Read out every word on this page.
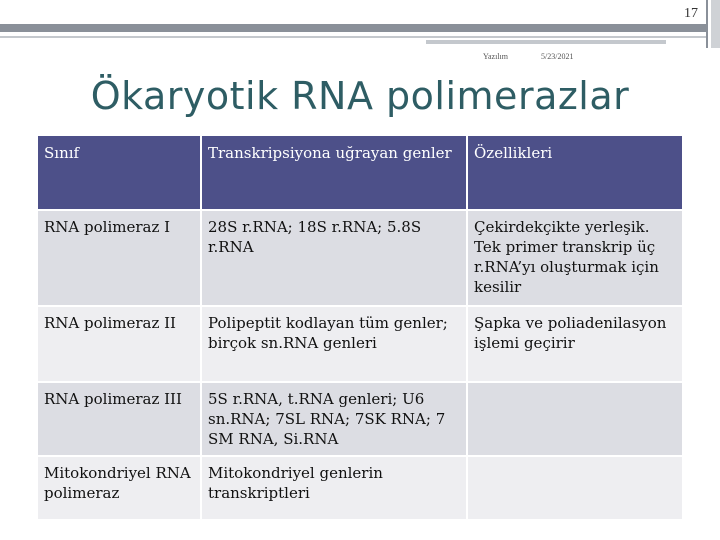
17
Yazılım	5/23/2021
Ökaryotik RNA polimerazlar
Sınıf	Transkripsiyona uğrayan genler	Özellikleri
RNA polimeraz I	28S r.RNA; 18S r.RNA; 5.8S r.RNA	Çekirdekçikte yerleşik. Tek primer transkrip üç r.RNA’yı oluşturmak için kesilir
RNA polimeraz II	Polipeptit kodlayan tüm genler; birçok sn.RNA genleri	Şapka ve poliadenilasyon işlemi geçirir
RNA polimeraz III	5S r.RNA, t.RNA genleri; U6 sn.RNA; 7SL RNA; 7SK RNA; 7 SM RNA, Si.RNA	
Mitokondriyel RNA polimeraz	Mitokondriyel genlerin transkriptleri	
